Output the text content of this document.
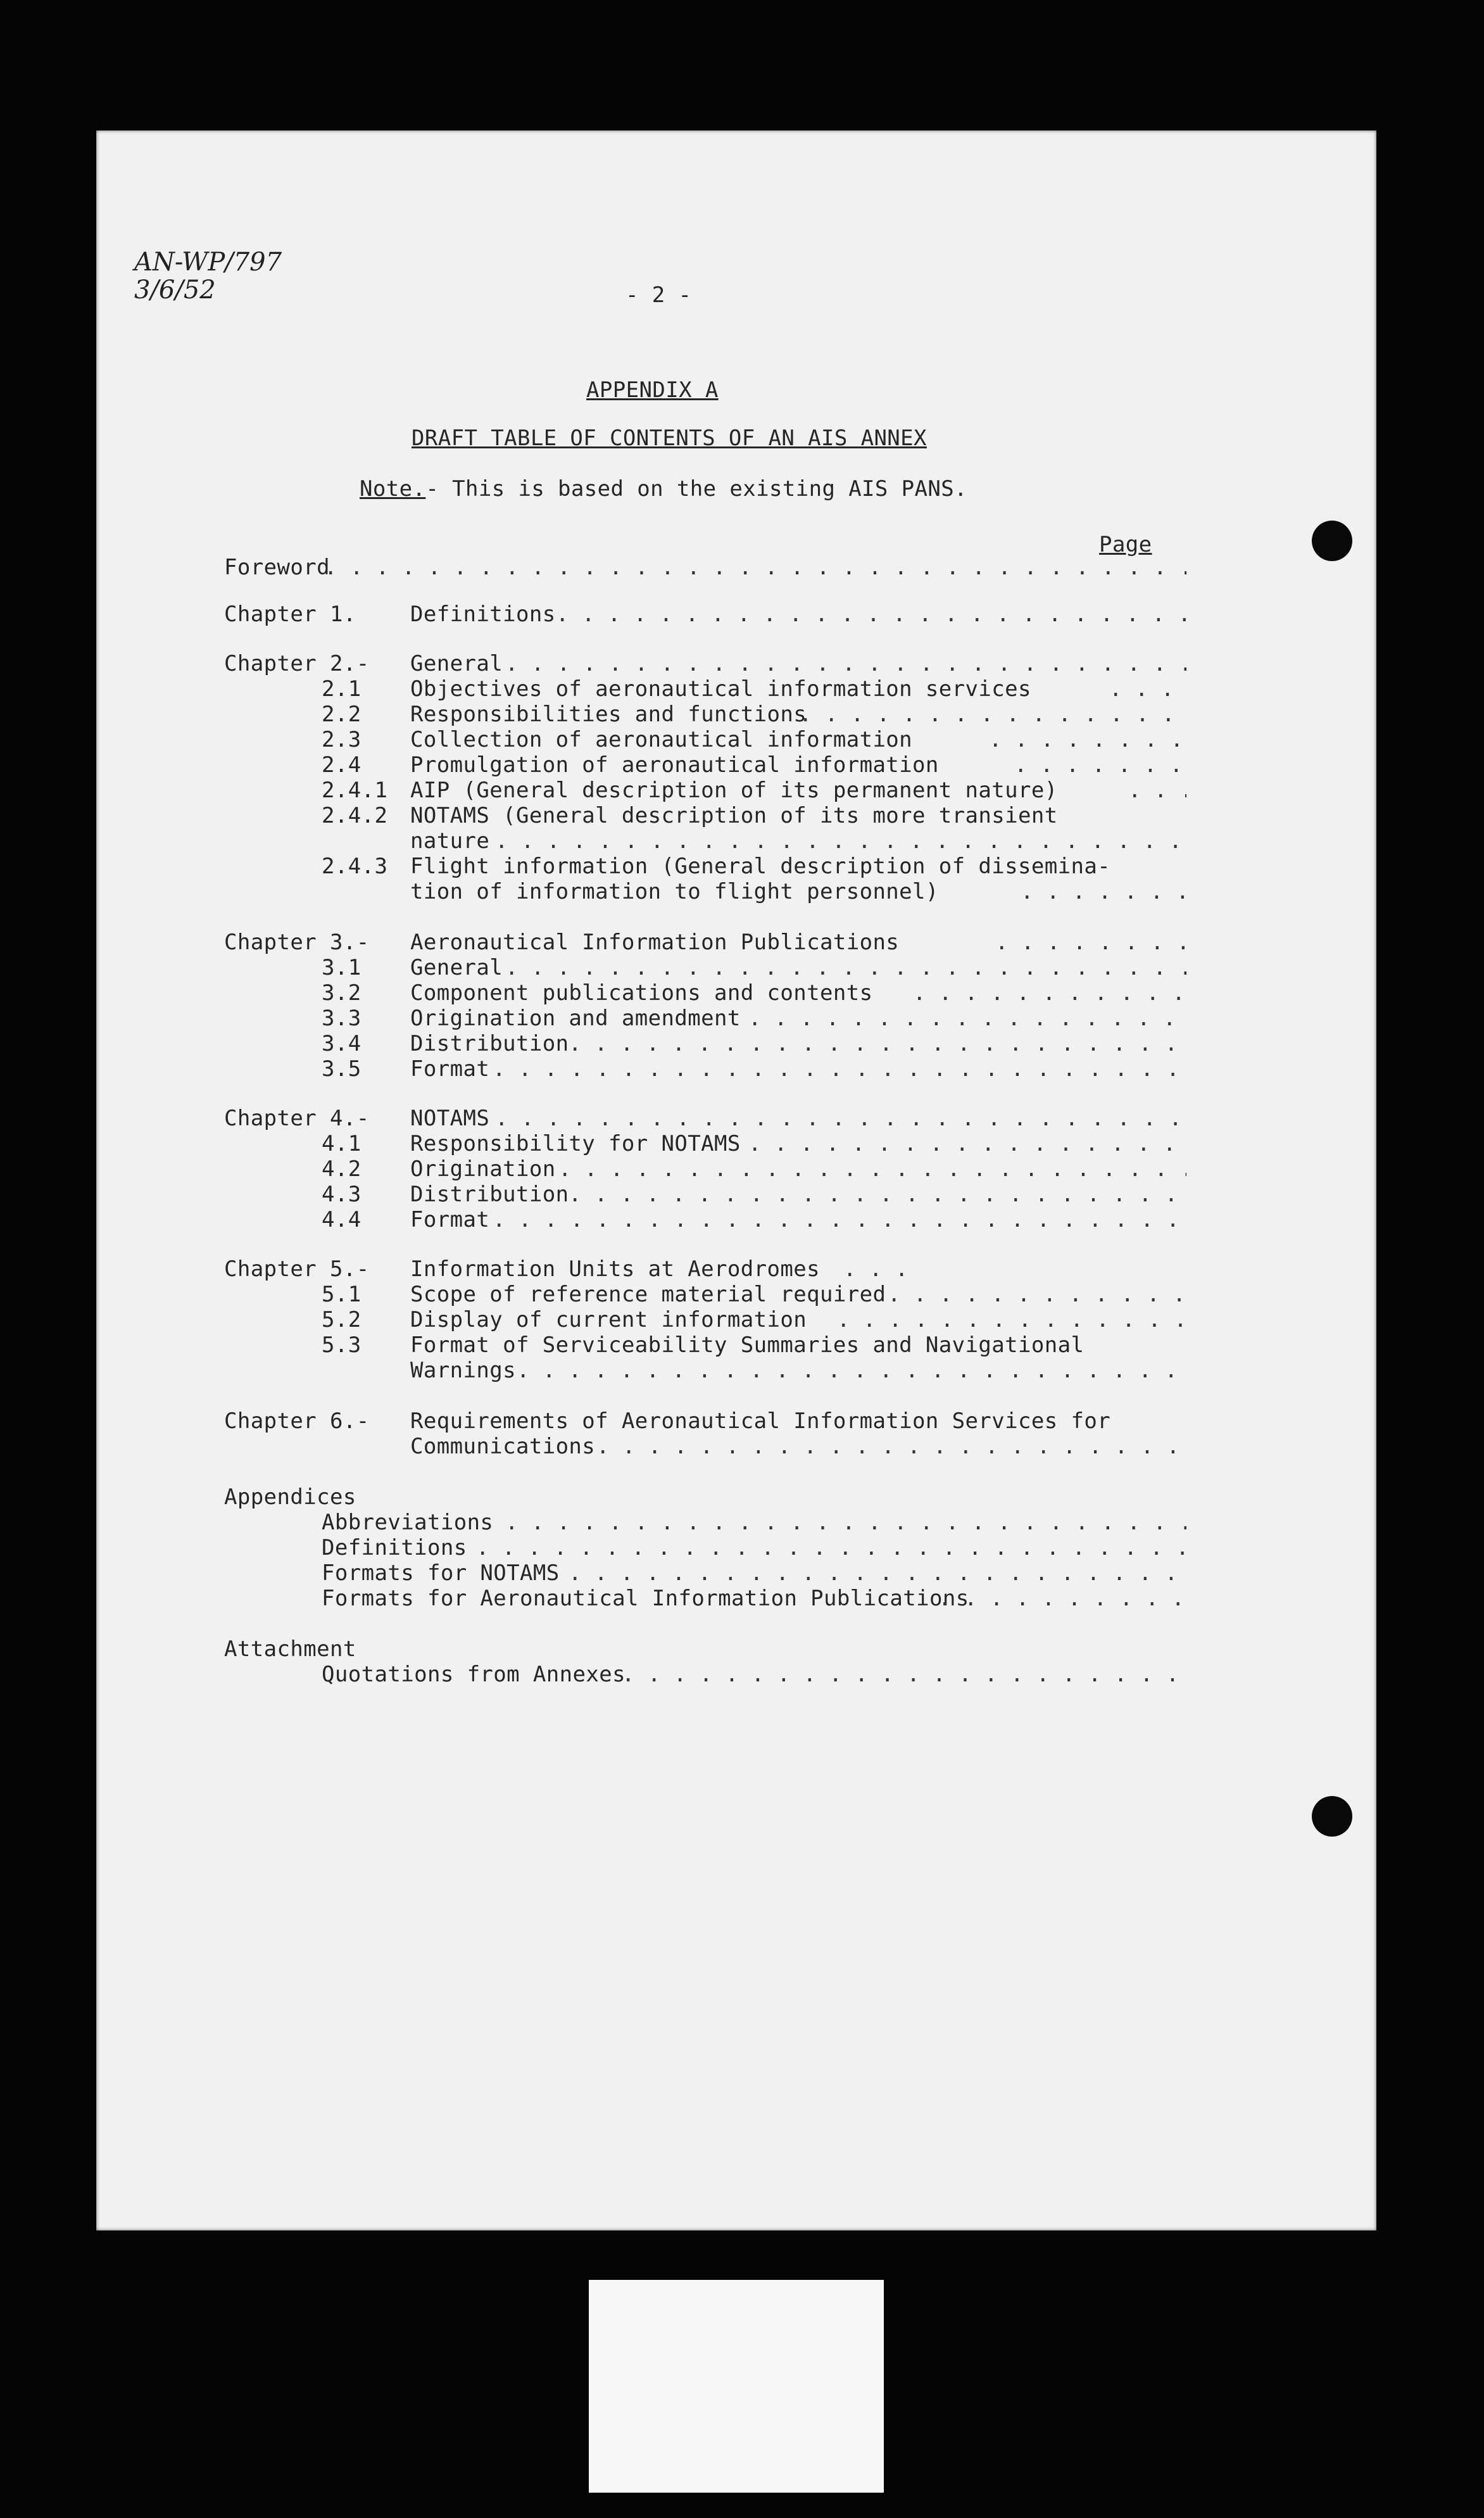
AN-WP/797
3/6/52	- 2 -
APPENDIX A
DRAFT TABLE OF CONTENTS OF AN AIS ANNEX
Note.- This is based on the existing AIS PANS.
Page
Foreword
. . .
Chapter 1.	Definitions
. . .
Chapter 2.- General
. . .
2.1 Objectives of aeronautical information services
. . .
2.2 Responsibilities and functions
. . .
2.3 Collection of aeronautical information
. . .
2.4 Promulgation of aeronautical information
. . .
2.4.1 AIP (General description of its permanent nature)
. . .
2.4.2 NOTAMS (General description of its more transient
nature
. . .
2.4.3 Flight information (General description of dissemina-
tion of information to flight personnel)
. . .
Chapter 3.- Aeronautical Information Publications
. . .
3.1 General
. . .
3.2 Component publications and contents
. . .
3.3 Origination and amendment
. . .
3.4 Distribution
. . .
3.5 Format
. . .
Chapter 4.- NOTAMS
. . .
4.1 Responsibility for NOTAMS
. . .
4.2 Origination
. . .
4.3 Distribution
. . .
4.4 Format
. . .
Chapter 5.- Information Units at Aerodromes
. . .
5.1 Scope of reference material required
. . .
5.2 Display of current information
. . .
5.3 Format of Serviceability Summaries and Navigational
Warnings
. . .
Chapter 6.- Requirements of Aeronautical Information Services for
Communications
. . .
Appendices
Abbreviations
. . .
Definitions
. . .
Formats for NOTAMS
. . .
Formats for Aeronautical Information Publications
. . .
Attachment
Quotations from Annexes
. . .
